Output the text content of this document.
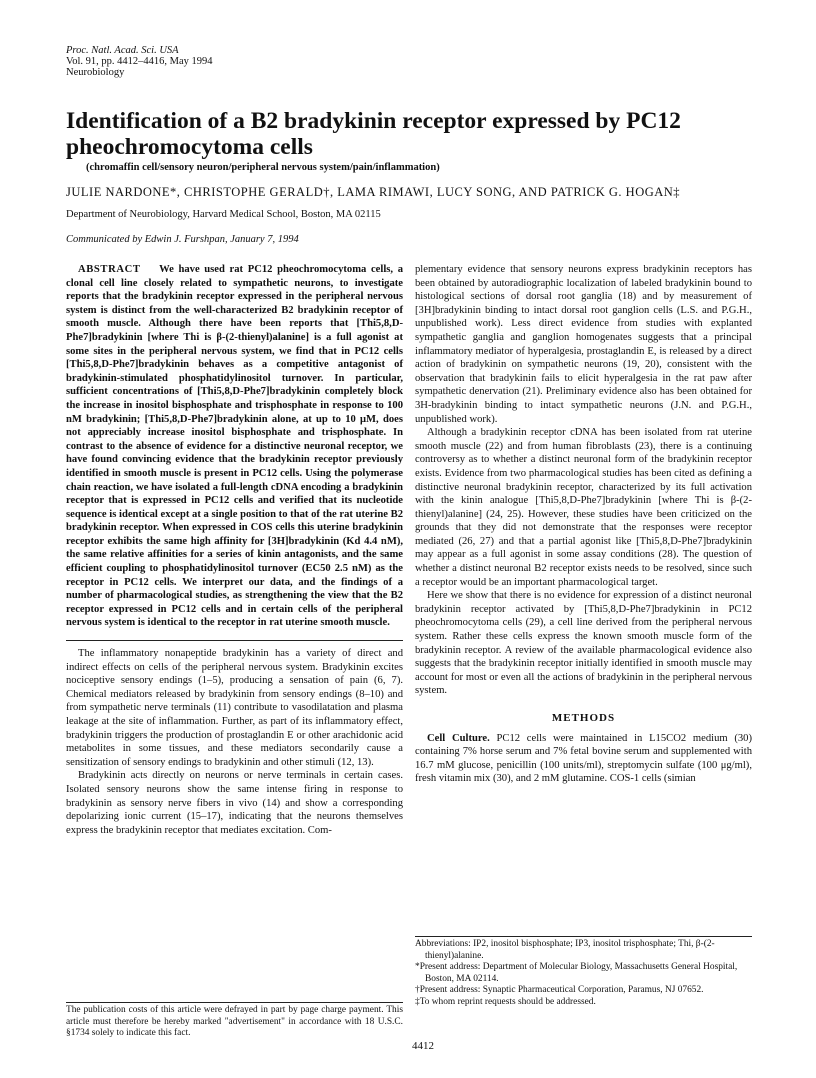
Proc. Natl. Acad. Sci. USA
Vol. 91, pp. 4412–4416, May 1994
Neurobiology
Identification of a B2 bradykinin receptor expressed by PC12 pheochromocytoma cells
(chromaffin cell/sensory neuron/peripheral nervous system/pain/inflammation)
JULIE NARDONE*, CHRISTOPHE GERALD†, LAMA RIMAWI, LUCY SONG, AND PATRICK G. HOGAN‡
Department of Neurobiology, Harvard Medical School, Boston, MA 02115
Communicated by Edwin J. Furshpan, January 7, 1994

ABSTRACT We have used rat PC12 pheochromocytoma cells, a clonal cell line closely related to sympathetic neurons, to investigate reports that the bradykinin receptor expressed in the peripheral nervous system is distinct from the well-characterized B2 bradykinin receptor of smooth muscle. Although there have been reports that [Thi5,8,D-Phe7]bradykinin [where Thi is β-(2-thienyl)alanine] is a full agonist at some sites in the peripheral nervous system, we find that in PC12 cells [Thi5,8,D-Phe7]bradykinin behaves as a competitive antagonist of bradykinin-stimulated phosphatidylinositol turnover. In particular, sufficient concentrations of [Thi5,8,D-Phe7]bradykinin completely block the increase in inositol bisphosphate and trisphosphate in response to 100 nM bradykinin; [Thi5,8,D-Phe7]bradykinin alone, at up to 10 μM, does not appreciably increase inositol bisphosphate and trisphosphate. In contrast to the absence of evidence for a distinctive neuronal receptor, we have found convincing evidence that the bradykinin receptor previously identified in smooth muscle is present in PC12 cells. Using the polymerase chain reaction, we have isolated a full-length cDNA encoding a bradykinin receptor that is expressed in PC12 cells and verified that its nucleotide sequence is identical except at a single position to that of the rat uterine B2 bradykinin receptor. When expressed in COS cells this uterine bradykinin receptor exhibits the same high affinity for [3H]bradykinin (Kd 4.4 nM), the same relative affinities for a series of kinin antagonists, and the same efficient coupling to phosphatidylinositol turnover (EC50 2.5 nM) as the receptor in PC12 cells. We interpret our data, and the findings of a number of pharmacological studies, as strengthening the view that the B2 receptor expressed in PC12 cells and in certain cells of the peripheral nervous system is identical to the receptor in rat uterine smooth muscle.

The inflammatory nonapeptide bradykinin has a variety of direct and indirect effects on cells of the peripheral nervous system. Bradykinin excites nociceptive sensory endings (1–5), producing a sensation of pain (6, 7). Chemical mediators released by bradykinin from sensory endings (8–10) and from sympathetic nerve terminals (11) contribute to vasodilatation and plasma leakage at the site of inflammation. Further, as part of its inflammatory effect, bradykinin triggers the production of prostaglandin E or other arachidonic acid metabolites in some tissues, and these mediators secondarily cause a sensitization of sensory endings to bradykinin and other stimuli (12, 13).

Bradykinin acts directly on neurons or nerve terminals in certain cases. Isolated sensory neurons show the same intense firing in response to bradykinin as sensory nerve fibers in vivo (14) and show a corresponding depolarizing ionic current (15–17), indicating that the neurons themselves express the bradykinin receptor that mediates excitation. Com-

The publication costs of this article were defrayed in part by page charge payment. This article must therefore be hereby marked "advertisement" in accordance with 18 U.S.C. §1734 solely to indicate this fact.

plementary evidence that sensory neurons express bradykinin receptors has been obtained by autoradiographic localization of labeled bradykinin bound to histological sections of dorsal root ganglia (18) and by measurement of [3H]bradykinin binding to intact dorsal root ganglion cells (L.S. and P.G.H., unpublished work). Less direct evidence from studies with explanted sympathetic ganglia and ganglion homogenates suggests that a principal inflammatory mediator of hyperalgesia, prostaglandin E, is released by a direct action of bradykinin on sympathetic neurons (19, 20), consistent with the observation that bradykinin fails to elicit hyperalgesia in the rat paw after sympathetic denervation (21). Preliminary evidence also has been obtained for 3H-bradykinin binding to intact sympathetic neurons (J.N. and P.G.H., unpublished work).

Although a bradykinin receptor cDNA has been isolated from rat uterine smooth muscle (22) and from human fibroblasts (23), there is a continuing controversy as to whether a distinct neuronal form of the bradykinin receptor exists. Evidence from two pharmacological studies has been cited as defining a distinctive neuronal bradykinin receptor, characterized by its full activation with the kinin analogue [Thi5,8,D-Phe7]bradykinin [where Thi is β-(2-thienyl)alanine] (24, 25). However, these studies have been criticized on the grounds that they did not demonstrate that the responses were receptor mediated (26, 27) and that a partial agonist like [Thi5,8,D-Phe7]bradykinin may appear as a full agonist in some assay conditions (28). The question of whether a distinct neuronal B2 receptor exists needs to be resolved, since such a receptor would be an important pharmacological target.

Here we show that there is no evidence for expression of a distinct neuronal bradykinin receptor activated by [Thi5,8,D-Phe7]bradykinin in PC12 pheochromocytoma cells (29), a cell line derived from the peripheral nervous system. Rather these cells express the known smooth muscle form of the bradykinin receptor. A review of the available pharmacological evidence also suggests that the bradykinin receptor initially identified in smooth muscle may account for most or even all the actions of bradykinin in the peripheral nervous system.

METHODS

Cell Culture. PC12 cells were maintained in L15CO2 medium (30) containing 7% horse serum and 7% fetal bovine serum and supplemented with 16.7 mM glucose, penicillin (100 units/ml), streptomycin sulfate (100 μg/ml), fresh vitamin mix (30), and 2 mM glutamine. COS-1 cells (simian

Abbreviations: IP2, inositol bisphosphate; IP3, inositol trisphosphate; Thi, β-(2-thienyl)alanine.

*Present address: Department of Molecular Biology, Massachusetts General Hospital, Boston, MA 02114.

†Present address: Synaptic Pharmaceutical Corporation, Paramus, NJ 07652.

‡To whom reprint requests should be addressed.

4412
